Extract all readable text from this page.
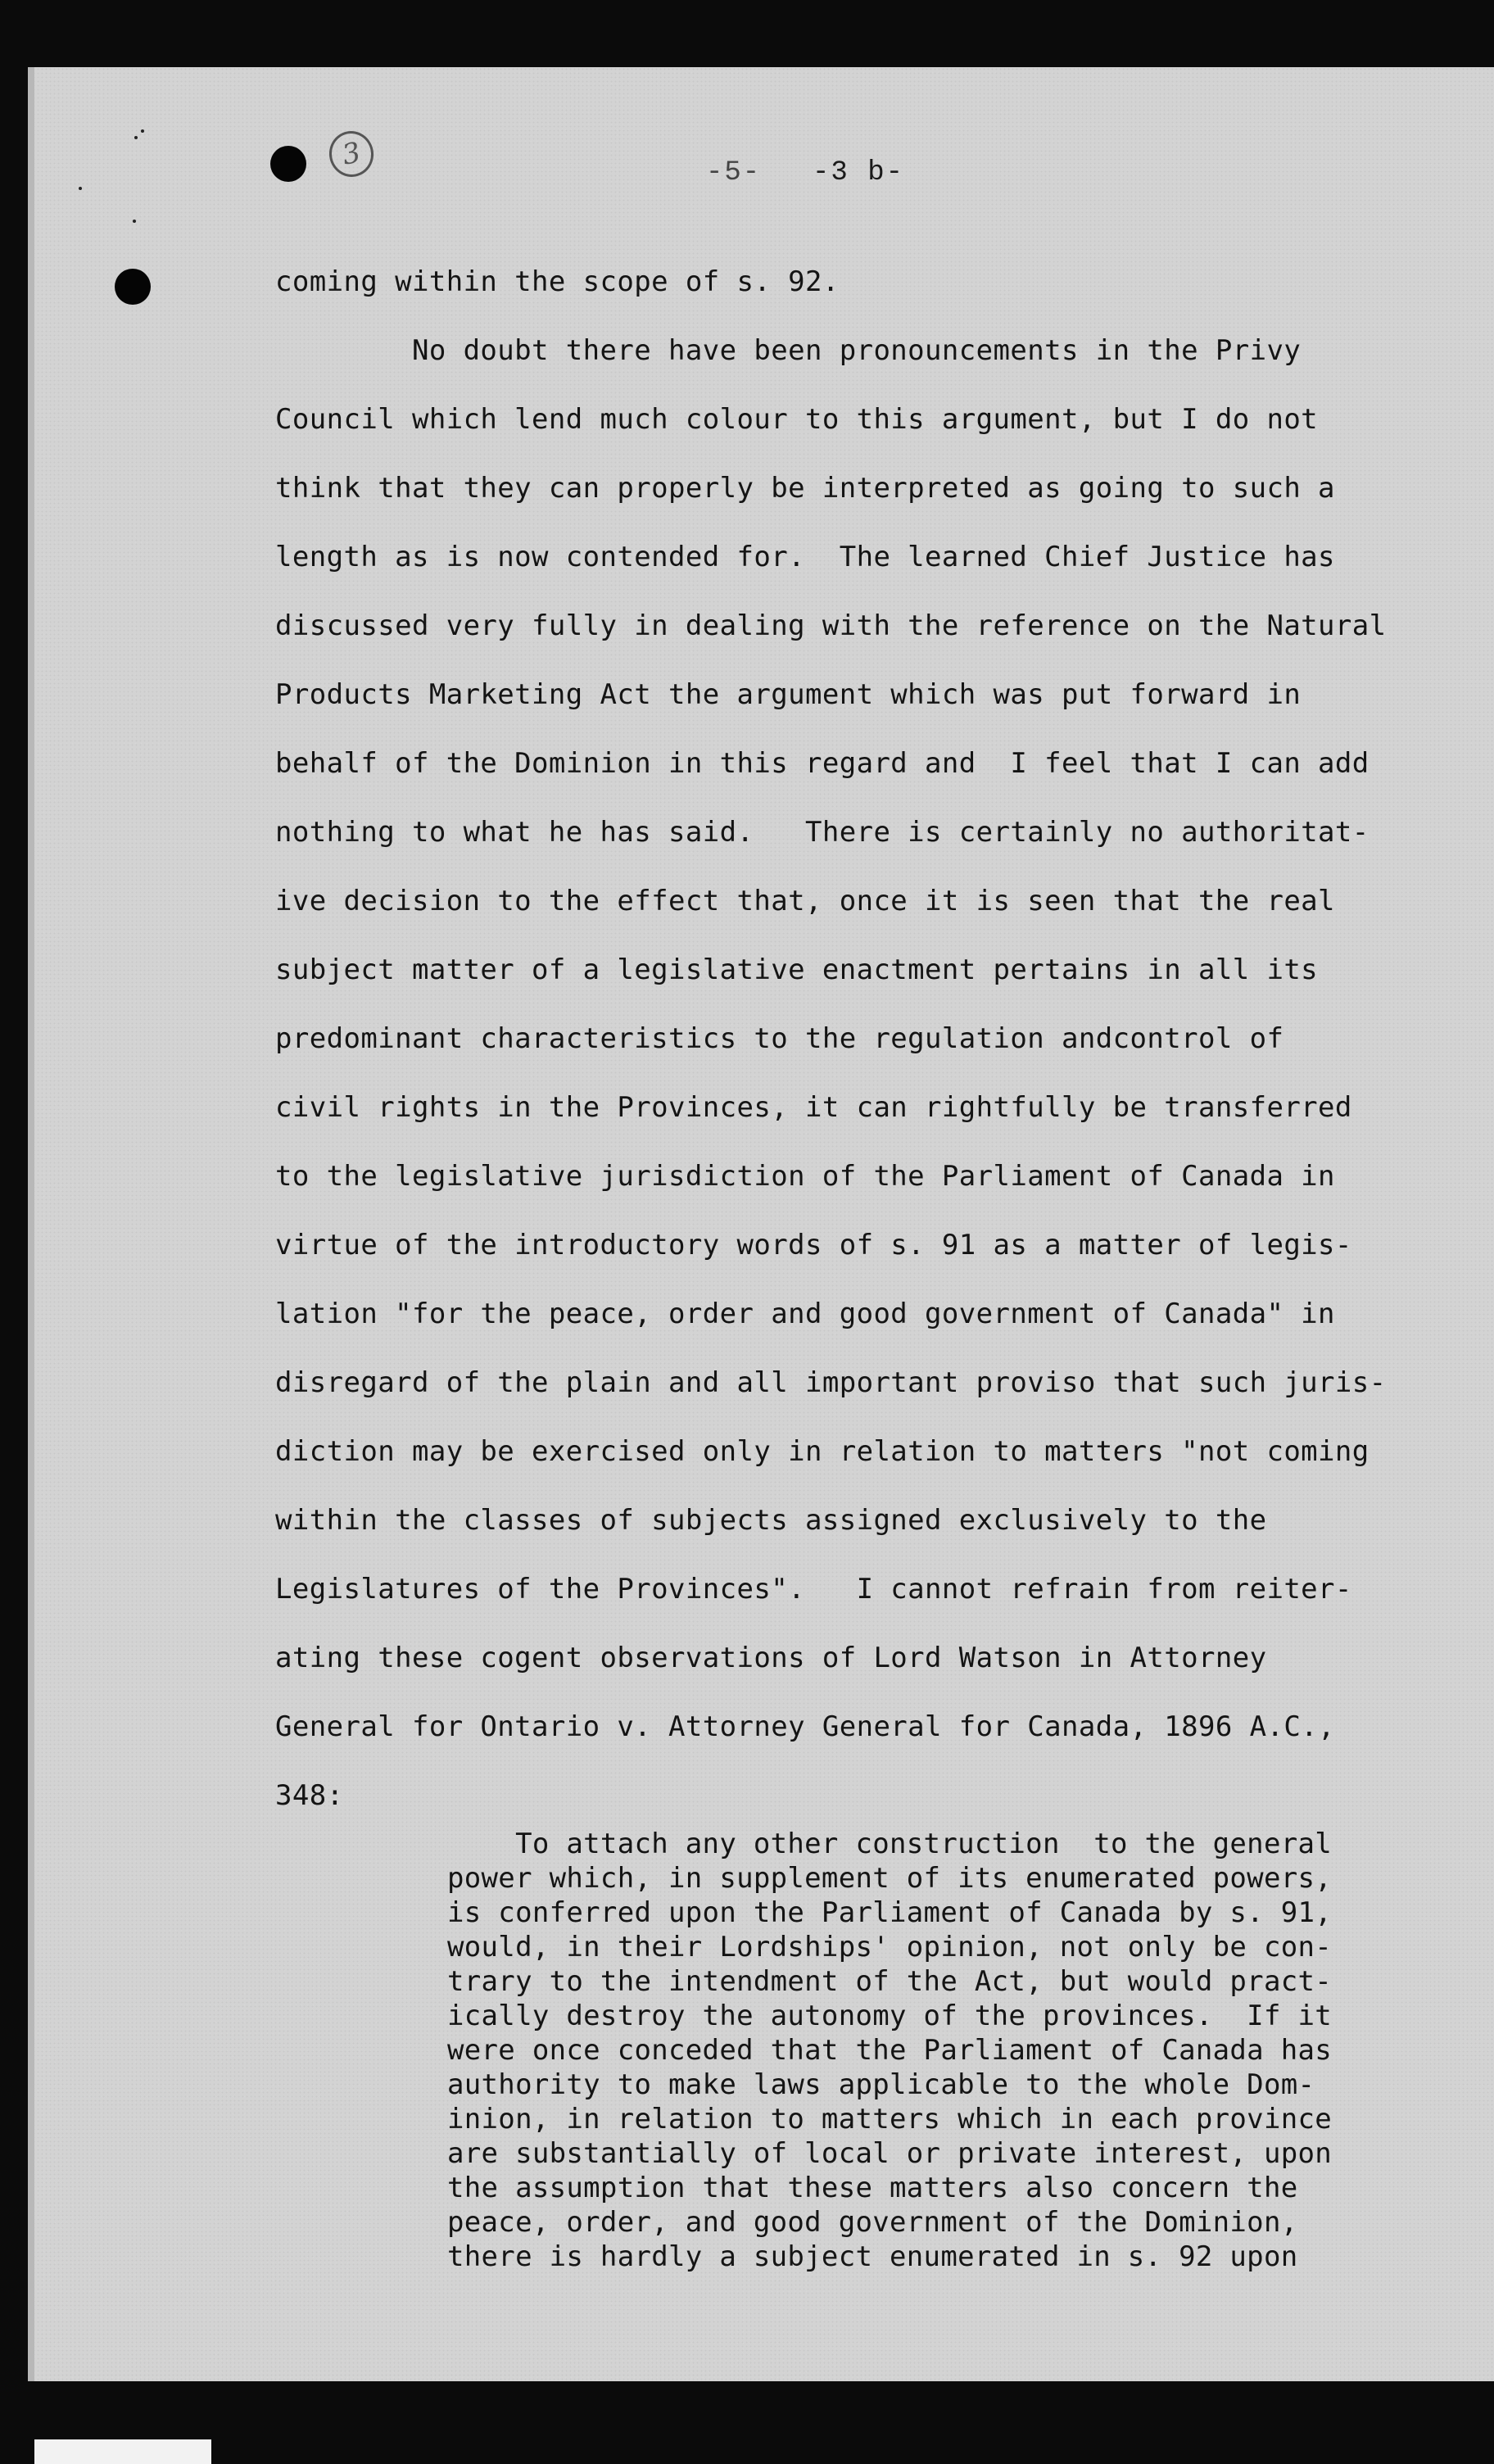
3
-5- -3 b-
coming within the scope of s. 92.
No doubt there have been pronouncements in the Privy
Council which lend much colour to this argument, but I do not
think that they can properly be interpreted as going to such a
length as is now contended for.  The learned Chief Justice has
discussed very fully in dealing with the reference on the Natural
Products Marketing Act the argument which was put forward in
behalf of the Dominion in this regard and  I feel that I can add
nothing to what he has said.   There is certainly no authoritat-
ive decision to the effect that, once it is seen that the real
subject matter of a legislative enactment pertains in all its
predominant characteristics to the regulation andcontrol of
civil rights in the Provinces, it can rightfully be transferred
to the legislative jurisdiction of the Parliament of Canada in
virtue of the introductory words of s. 91 as a matter of legis-
lation "for the peace, order and good government of Canada" in
disregard of the plain and all important proviso that such juris-
diction may be exercised only in relation to matters "not coming
within the classes of subjects assigned exclusively to the
Legislatures of the Provinces".   I cannot refrain from reiter-
ating these cogent observations of Lord Watson in Attorney
General for Ontario v. Attorney General for Canada, 1896 A.C.,
348:
To attach any other construction  to the general
power which, in supplement of its enumerated powers,
is conferred upon the Parliament of Canada by s. 91,
would, in their Lordships' opinion, not only be con-
trary to the intendment of the Act, but would pract-
ically destroy the autonomy of the provinces.  If it
were once conceded that the Parliament of Canada has
authority to make laws applicable to the whole Dom-
inion, in relation to matters which in each province
are substantially of local or private interest, upon
the assumption that these matters also concern the
peace, order, and good government of the Dominion,
there is hardly a subject enumerated in s. 92 upon
